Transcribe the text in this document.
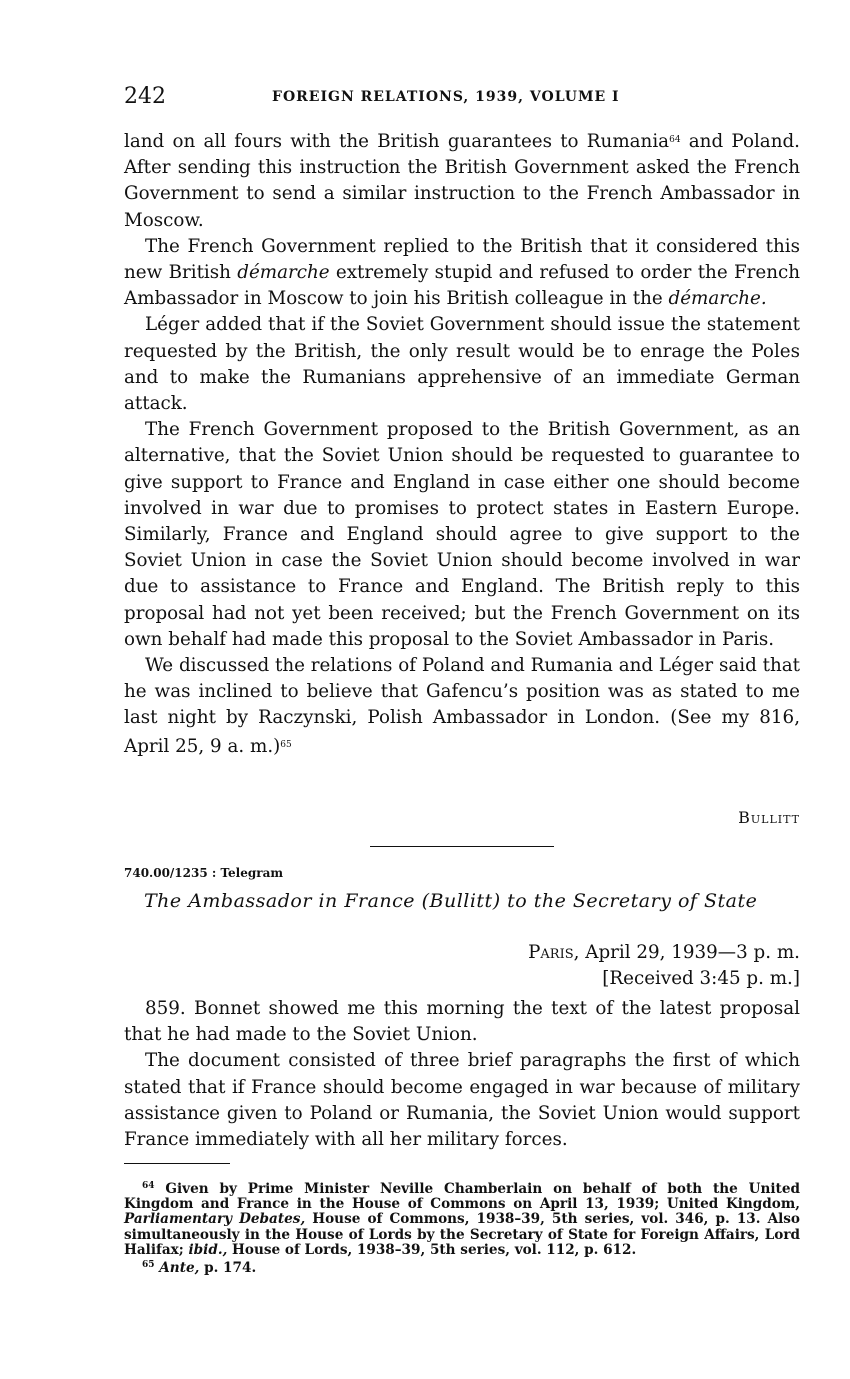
242	FOREIGN RELATIONS, 1939, VOLUME I

land on all fours with the British guarantees to Rumania$^{64}$ and Poland. After sending this instruction the British Government asked the French Government to send a similar instruction to the French Ambassador in Moscow.

The French Government replied to the British that it considered this new British démarche extremely stupid and refused to order the French Ambassador in Moscow to join his British colleague in the démarche.

Léger added that if the Soviet Government should issue the statement requested by the British, the only result would be to enrage the Poles and to make the Rumanians apprehensive of an immediate German attack.

The French Government proposed to the British Government, as an alternative, that the Soviet Union should be requested to guarantee to give support to France and England in case either one should become involved in war due to promises to protect states in Eastern Europe. Similarly, France and England should agree to give support to the Soviet Union in case the Soviet Union should become involved in war due to assistance to France and England. The British reply to this proposal had not yet been received; but the French Government on its own behalf had made this proposal to the Soviet Ambassador in Paris.

We discussed the relations of Poland and Rumania and Léger said that he was inclined to believe that Gafencu’s position was as stated to me last night by Raczynski, Polish Ambassador in London. (See my 816, April 25, 9 a. m.)$^{65}$

Bullitt
740.00/1235 : Telegram
The Ambassador in France (Bullitt) to the Secretary of State
Paris, April 29, 1939—3 p. m.
[Received 3:45 p. m.]

859. Bonnet showed me this morning the text of the latest proposal that he had made to the Soviet Union.

The document consisted of three brief paragraphs the first of which stated that if France should become engaged in war because of military assistance given to Poland or Rumania, the Soviet Union would support France immediately with all her military forces.

$^{64}$ Given by Prime Minister Neville Chamberlain on behalf of both the United Kingdom and France in the House of Commons on April 13, 1939; United Kingdom, Parliamentary Debates, House of Commons, 1938–39, 5th series, vol. 346, p. 13. Also simultaneously in the House of Lords by the Secretary of State for Foreign Affairs, Lord Halifax; ibid., House of Lords, 1938–39, 5th series, vol. 112, p. 612.

$^{65}$ Ante, p. 174.
